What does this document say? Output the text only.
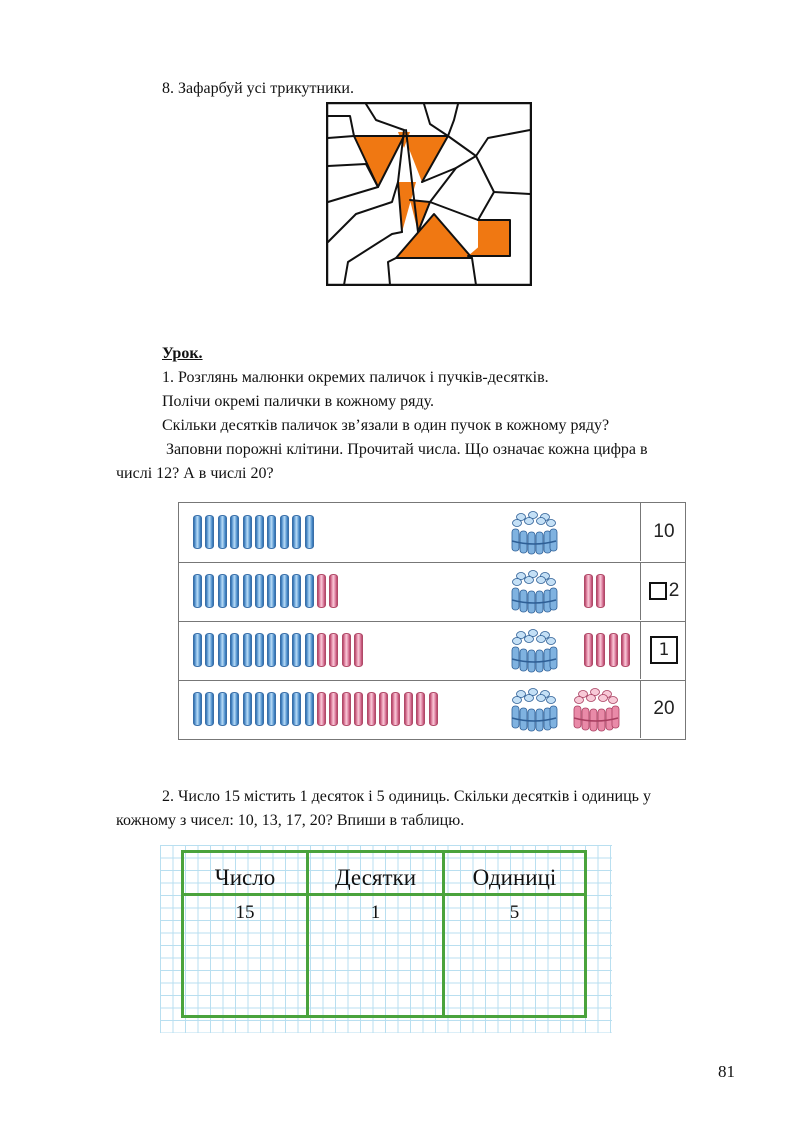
8. Зафарбуй усі трикутники.
Урок.
1. Розглянь малюнки окремих паличок і пучків-десятків.
Полічи окремі палички в кожному ряду.
Скільки десятків паличок зв’язали в один пучок в кожному ряду?
Заповни порожні клітини. Прочитай числа. Що означає кожна цифра в
числі 12? А в числі 20?
10
2
1
20
2. Число 15 містить 1 десяток і 5 одиниць. Скільки десятків і одиниць у
кожному з чисел: 10, 13, 17, 20? Впиши в таблицю.
Число	Десятки	Одиниці
15	1	5
81
